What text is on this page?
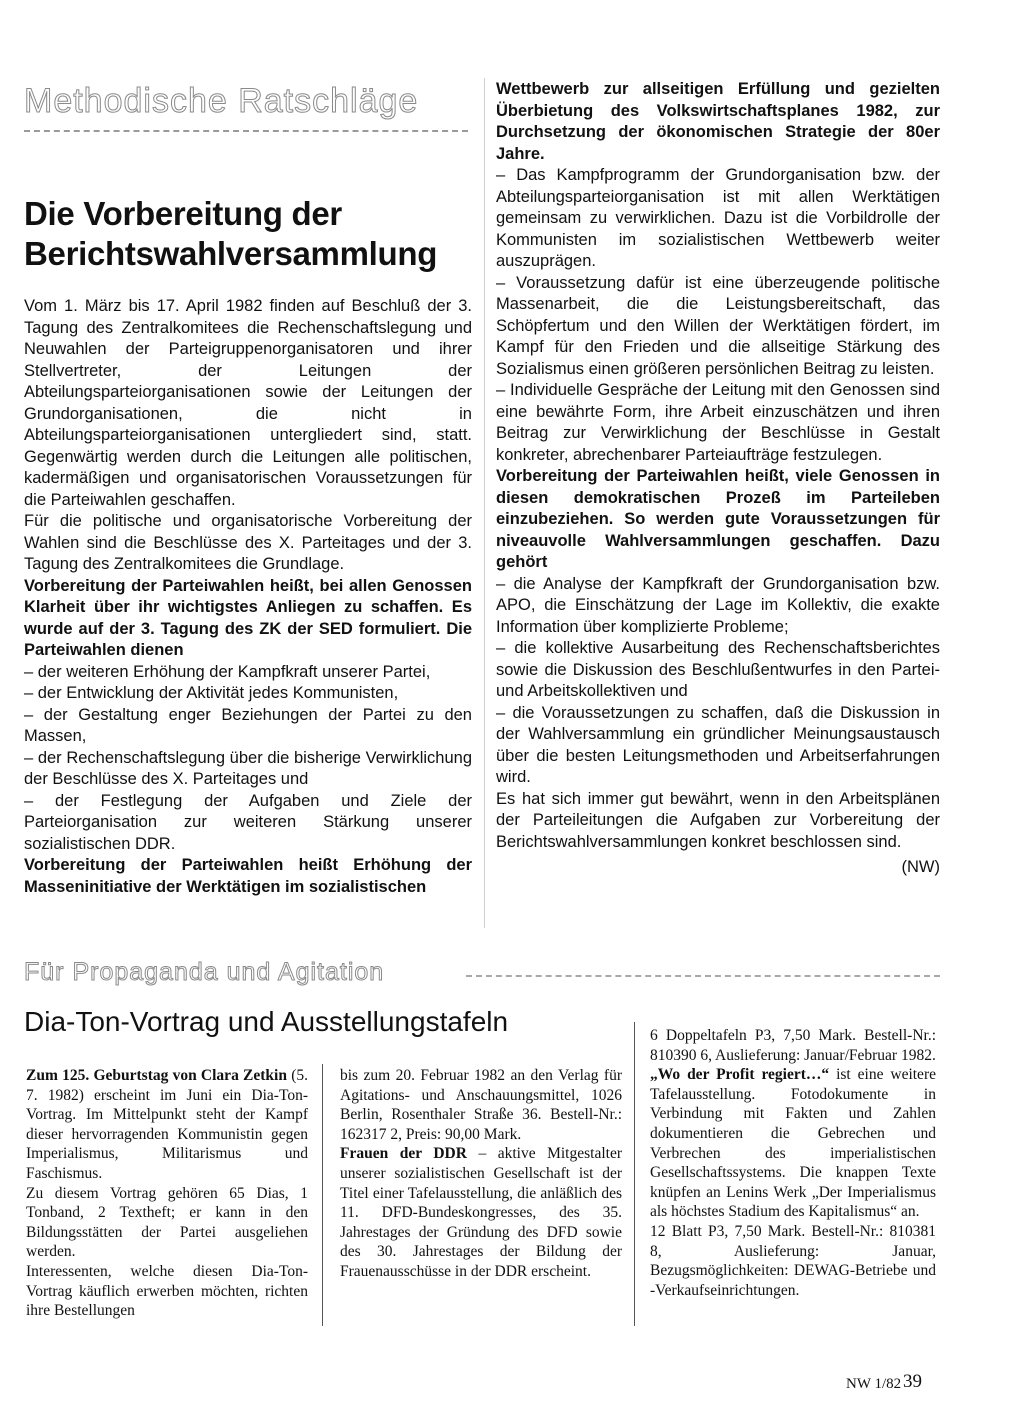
Methodische Ratschläge
Die Vorbereitung der Berichtswahlversammlung

Vom 1. März bis 17. April 1982 finden auf Beschluß der 3. Tagung des Zentralkomitees die Rechenschaftslegung und Neuwahlen der Parteigruppenorganisatoren und ihrer Stellvertreter, der Leitungen der Abteilungsparteiorganisationen sowie der Leitungen der Grundorganisationen, die nicht in Abteilungsparteiorganisationen untergliedert sind, statt. Gegenwärtig werden durch die Leitungen alle politischen, kadermäßigen und organisatorischen Voraussetzungen für die Parteiwahlen geschaffen.

Für die politische und organisatorische Vorbereitung der Wahlen sind die Beschlüsse des X. Parteitages und der 3. Tagung des Zentralkomitees die Grundlage.

Vorbereitung der Parteiwahlen heißt, bei allen Genossen Klarheit über ihr wichtigstes Anliegen zu schaffen. Es wurde auf der 3. Tagung des ZK der SED formuliert. Die Parteiwahlen dienen

– der weiteren Erhöhung der Kampfkraft unserer Partei,

– der Entwicklung der Aktivität jedes Kommunisten,

– der Gestaltung enger Beziehungen der Partei zu den Massen,

– der Rechenschaftslegung über die bisherige Verwirklichung der Beschlüsse des X. Parteitages und

– der Festlegung der Aufgaben und Ziele der Parteiorganisation zur weiteren Stärkung unserer sozialistischen DDR.

Vorbereitung der Parteiwahlen heißt Erhöhung der Masseninitiative der Werktätigen im sozialistischen

Wettbewerb zur allseitigen Erfüllung und gezielten Überbietung des Volkswirtschaftsplanes 1982, zur Durchsetzung der ökonomischen Strategie der 80er Jahre.

– Das Kampfprogramm der Grundorganisation bzw. der Abteilungsparteiorganisation ist mit allen Werktätigen gemeinsam zu verwirklichen. Dazu ist die Vorbildrolle der Kommunisten im sozialistischen Wettbewerb weiter auszuprägen.

– Voraussetzung dafür ist eine überzeugende politische Massenarbeit, die die Leistungsbereitschaft, das Schöpfertum und den Willen der Werktätigen fördert, im Kampf für den Frieden und die allseitige Stärkung des Sozialismus einen größeren persönlichen Beitrag zu leisten.

– Individuelle Gespräche der Leitung mit den Genossen sind eine bewährte Form, ihre Arbeit einzuschätzen und ihren Beitrag zur Verwirklichung der Beschlüsse in Gestalt konkreter, abrechenbarer Parteiaufträge festzulegen.

Vorbereitung der Parteiwahlen heißt, viele Genossen in diesen demokratischen Prozeß im Parteileben einzubeziehen. So werden gute Voraussetzungen für niveauvolle Wahlversammlungen geschaffen. Dazu gehört

– die Analyse der Kampfkraft der Grundorganisation bzw. APO, die Einschätzung der Lage im Kollektiv, die exakte Information über komplizierte Probleme;

– die kollektive Ausarbeitung des Rechenschaftsberichtes sowie die Diskussion des Beschlußentwurfes in den Partei- und Arbeitskollektiven und

– die Voraussetzungen zu schaffen, daß die Diskussion in der Wahlversammlung ein gründlicher Meinungsaustausch über die besten Leitungsmethoden und Arbeitserfahrungen wird.

Es hat sich immer gut bewährt, wenn in den Arbeitsplänen der Parteileitungen die Aufgaben zur Vorbereitung der Berichtswahlversammlungen konkret beschlossen sind.

(NW)

Für Propaganda und Agitation
Dia-Ton-Vortrag und Ausstellungstafeln

Zum 125. Geburtstag von Clara Zetkin (5. 7. 1982) erscheint im Juni ein Dia-Ton-Vortrag. Im Mittelpunkt steht der Kampf dieser hervorragenden Kommunistin gegen Imperialismus, Militarismus und Faschismus.

Zu diesem Vortrag gehören 65 Dias, 1 Tonband, 2 Textheft; er kann in den Bildungsstätten der Partei ausgeliehen werden.

Interessenten, welche diesen Dia-Ton-Vortrag käuflich erwerben möchten, richten ihre Bestellungen

bis zum 20. Februar 1982 an den Verlag für Agitations- und Anschauungsmittel, 1026 Berlin, Rosenthaler Straße 36. Bestell-Nr.: 162317 2, Preis: 90,00 Mark.

Frauen der DDR – aktive Mitgestalter unserer sozialistischen Gesellschaft ist der Titel einer Tafelausstellung, die anläßlich des 11. DFD-Bundeskongresses, des 35. Jahrestages der Gründung des DFD sowie des 30. Jahrestages der Bildung der Frauenausschüsse in der DDR erscheint.

6 Doppeltafeln P3, 7,50 Mark. Bestell-Nr.: 810390 6, Auslieferung: Januar/Februar 1982.

„Wo der Profit regiert…“ ist eine weitere Tafelausstellung. Fotodokumente in Verbindung mit Fakten und Zahlen dokumentieren die Gebrechen und Verbrechen des imperialistischen Gesellschaftssystems. Die knappen Texte knüpfen an Lenins Werk „Der Imperialismus als höchstes Stadium des Kapitalismus“ an.

12 Blatt P3, 7,50 Mark. Bestell-Nr.: 810381 8, Auslieferung: Januar, Bezugsmöglichkeiten: DEWAG-Betriebe und -Verkaufseinrichtungen.

NW 1/82 39
